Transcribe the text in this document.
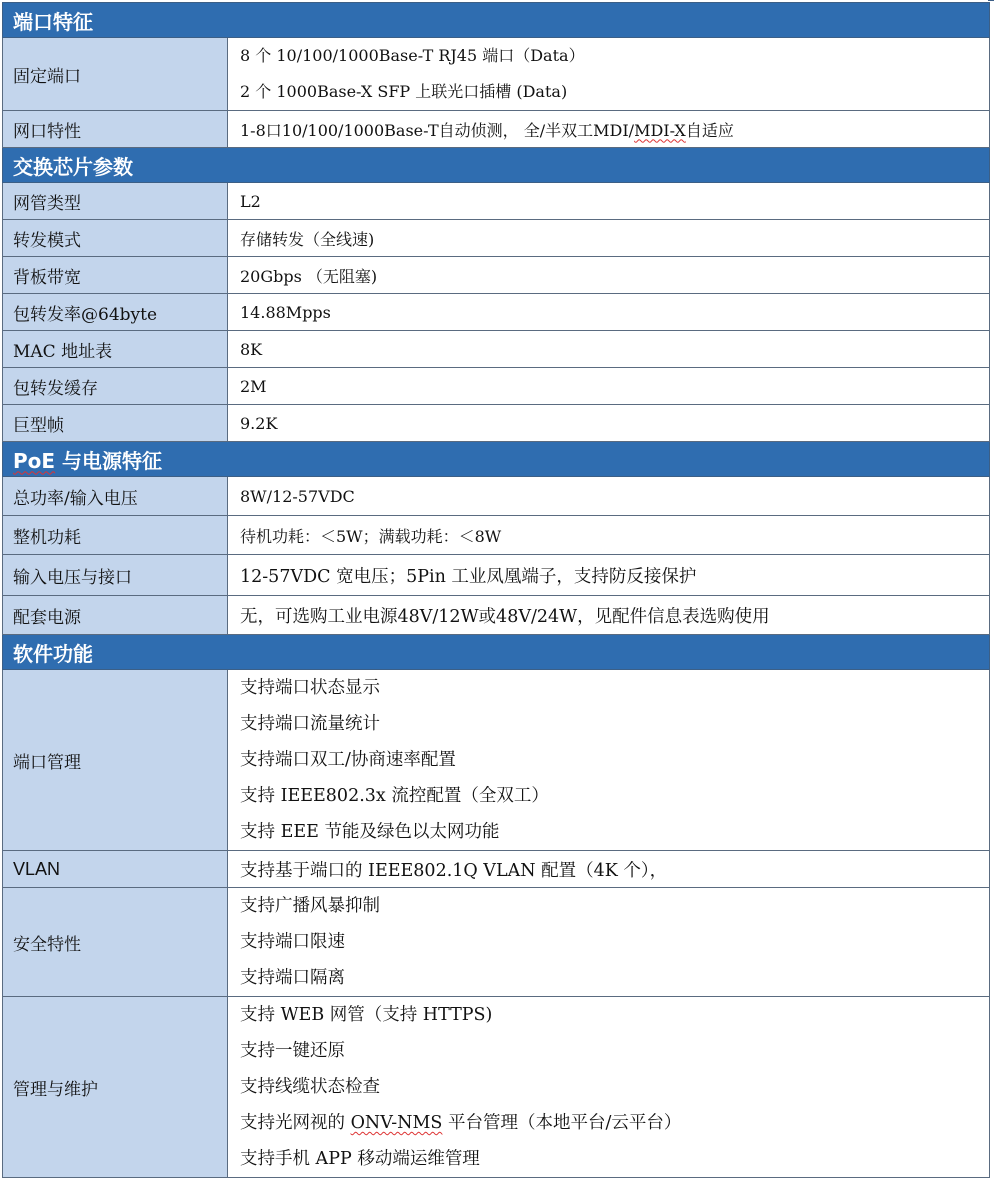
端口特征	
固定端口	8 个 10/100/1000Base-T RJ45 端口（Data）
2 个 1000Base-X SFP 上联光口插槽 (Data)

网口特性	1-8口10/100/1000Base-T自动侦测， 全/半双工MDI/MDI-X自适应
交换芯片参数	
网管类型	L2
转发模式	存储转发（全线速)
背板带宽	20Gbps （无阻塞)
包转发率@64byte	14.88Mpps
MAC 地址表	8K
包转发缓存	2M
巨型帧	9.2K
PoE 与电源特征	
总功率/输入电压	8W/12-57VDC
整机功耗	待机功耗：＜5W；满载功耗：＜8W
输入电压与接口	12-57VDC 宽电压；5Pin 工业凤凰端子，支持防反接保护
配套电源	无，可选购工业电源48V/12W或48V/24W，见配件信息表选购使用
软件功能	
端口管理	支持端口状态显示
支持端口流量统计
支持端口双工/协商速率配置
支持 IEEE802.3x 流控配置（全双工）
支持 EEE 节能及绿色以太网功能

VLAN	支持基于端口的 IEEE802.1Q VLAN 配置（4K 个），
安全特性	支持广播风暴抑制
支持端口限速
支持端口隔离

管理与维护	支持 WEB 网管（支持 HTTPS)
支持一键还原
支持线缆状态检查
支持光网视的 ONV-NMS 平台管理（本地平台/云平台）
支持手机 APP 移动端运维管理
